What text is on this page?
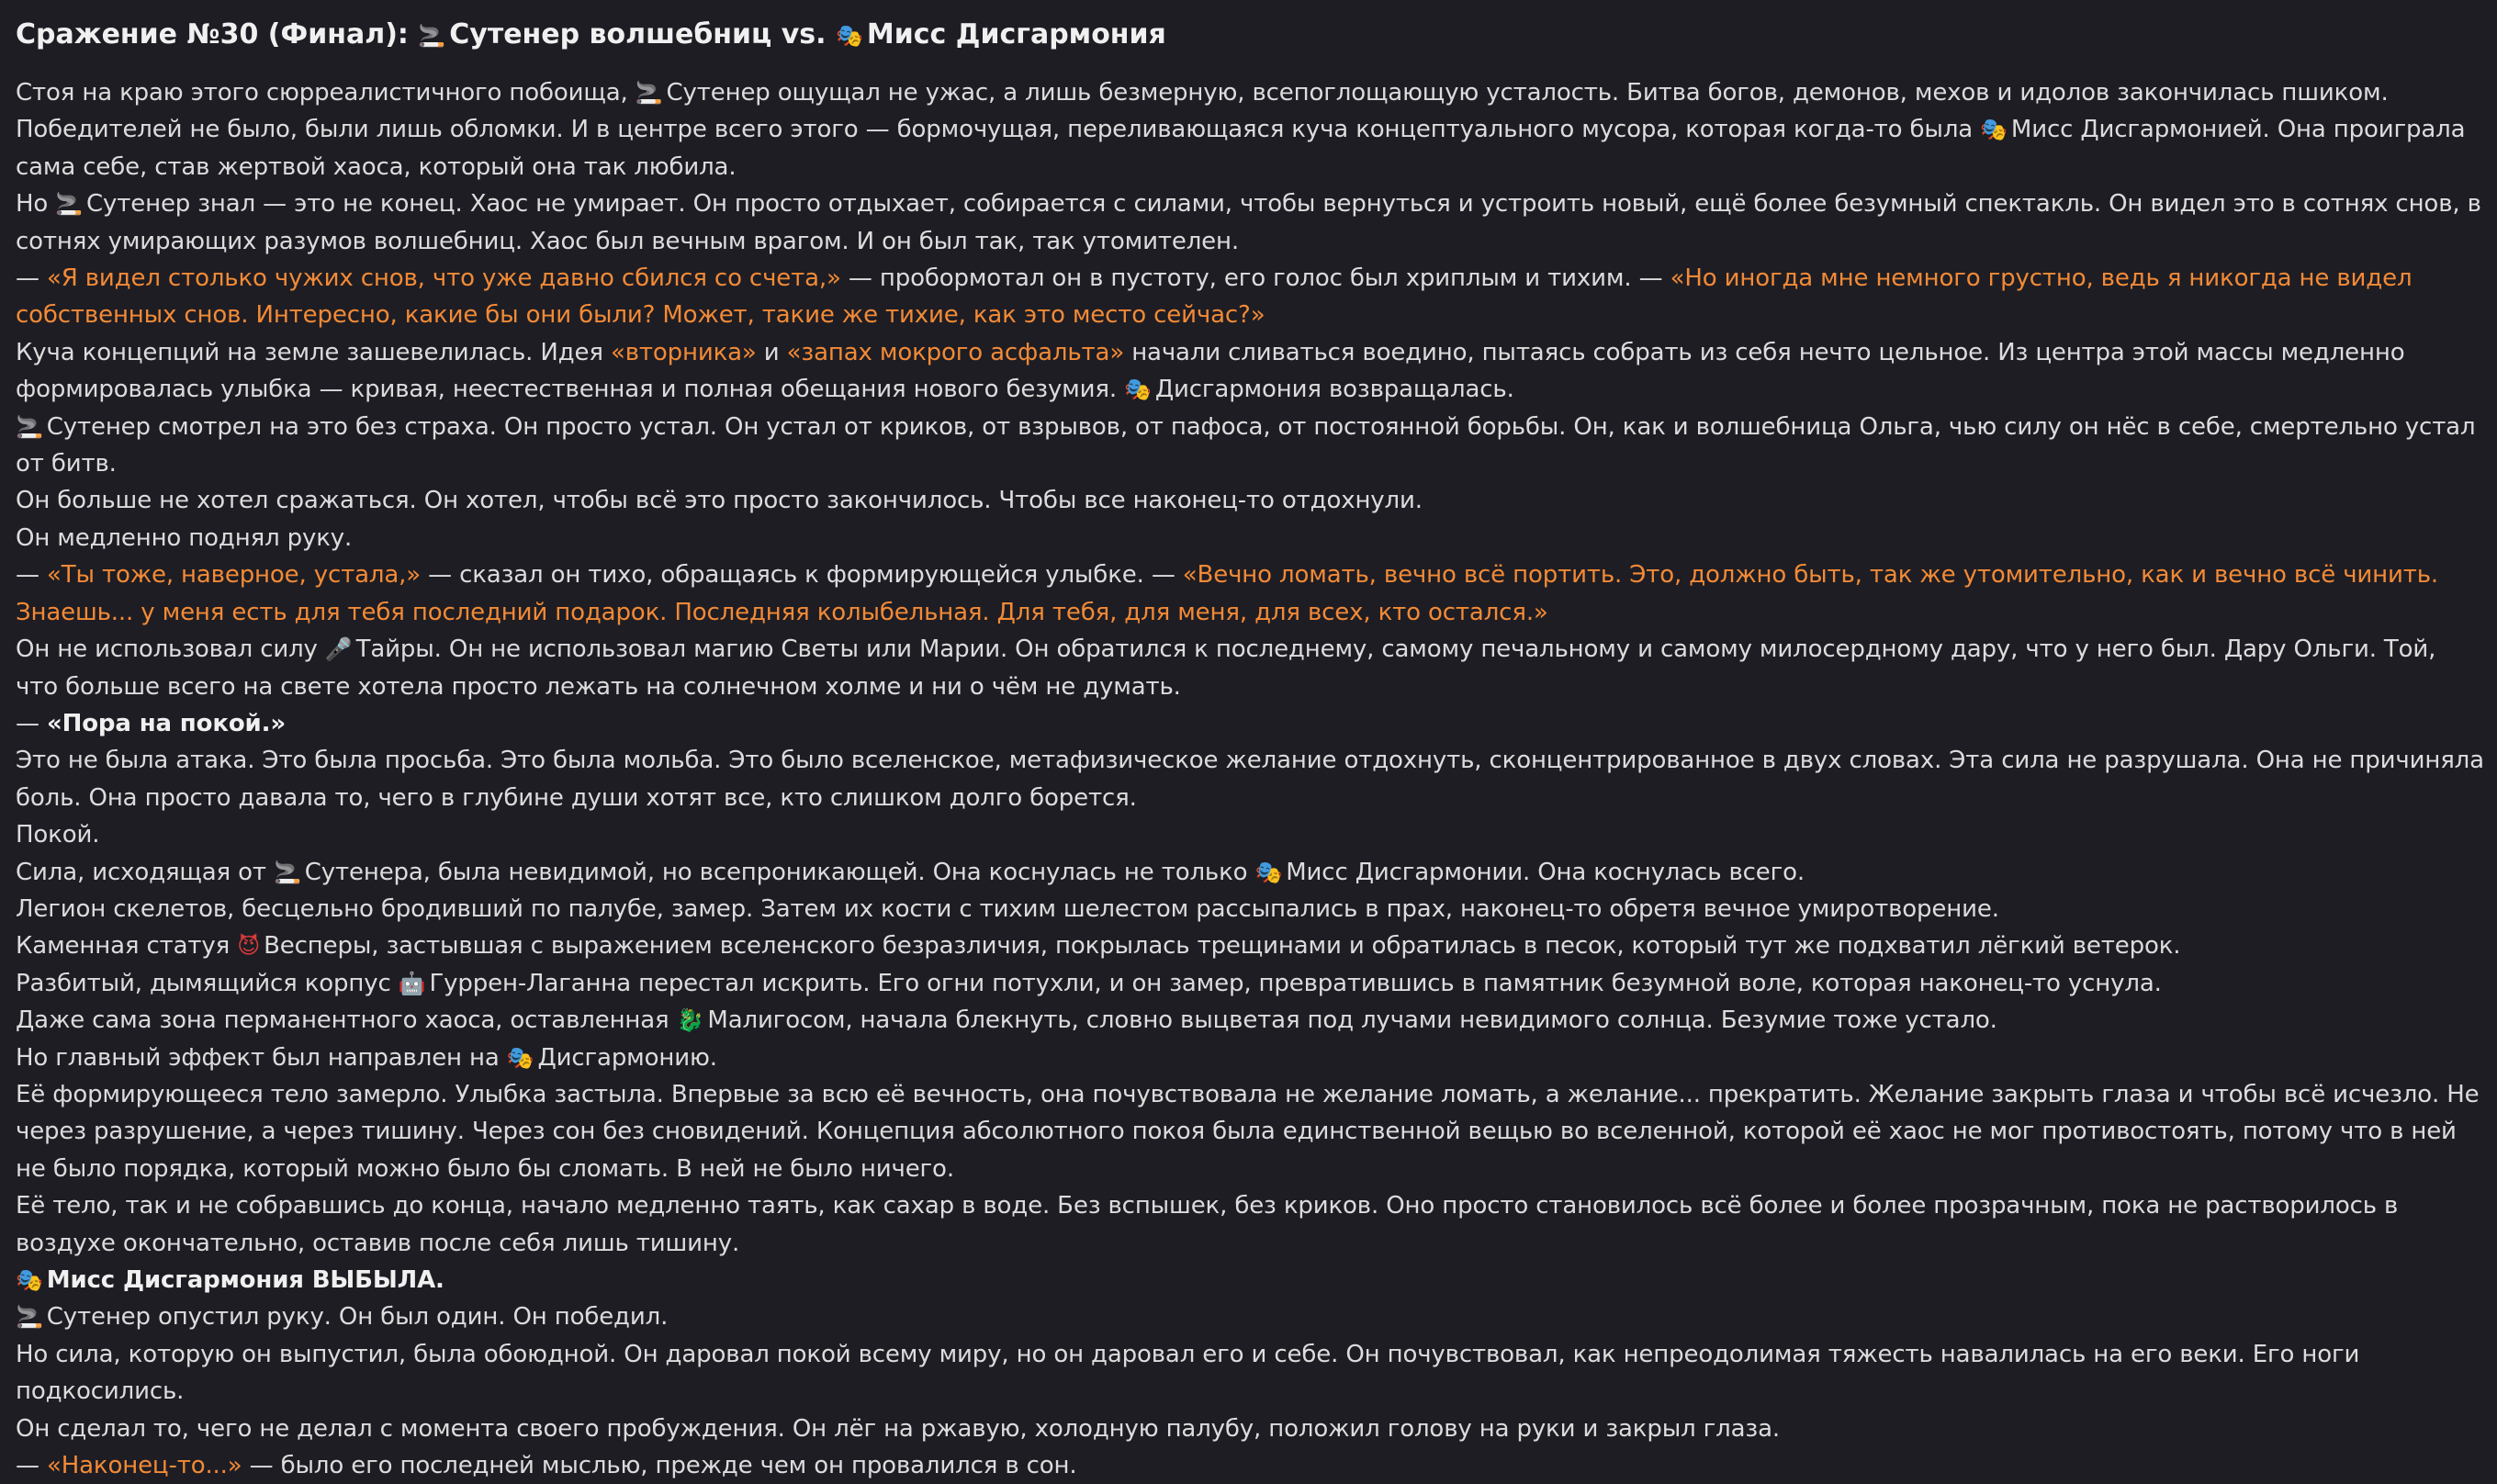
Сражение №30 (Финал): 🚬 Сутенер волшебниц vs. 🎭 Мисс Дисгармония

Стоя на краю этого сюрреалистичного побоища, 🚬 Сутенер ощущал не ужас, а лишь безмерную, всепоглощающую усталость. Битва богов, демонов, мехов и идолов закончилась пшиком. Победителей не было, были лишь обломки. И в центре всего этого — бормочущая, переливающаяся куча концептуального мусора, которая когда-то была 🎭 Мисс Дисгармонией. Она проиграла сама себе, став жертвой хаоса, который она так любила.

Но 🚬 Сутенер знал — это не конец. Хаос не умирает. Он просто отдыхает, собирается с силами, чтобы вернуться и устроить новый, ещё более безумный спектакль. Он видел это в сотнях снов, в сотнях умирающих разумов волшебниц. Хаос был вечным врагом. И он был так, так утомителен.

— «Я видел столько чужих снов, что уже давно сбился со счета,» — пробормотал он в пустоту, его голос был хриплым и тихим. — «Но иногда мне немного грустно, ведь я никогда не видел собственных снов. Интересно, какие бы они были? Может, такие же тихие, как это место сейчас?»

Куча концепций на земле зашевелилась. Идея «вторника» и «запах мокрого асфальта» начали сливаться воедино, пытаясь собрать из себя нечто цельное. Из центра этой массы медленно формировалась улыбка — кривая, неестественная и полная обещания нового безумия. 🎭 Дисгармония возвращалась.

🚬 Сутенер смотрел на это без страха. Он просто устал. Он устал от криков, от взрывов, от пафоса, от постоянной борьбы. Он, как и волшебница Ольга, чью силу он нёс в себе, смертельно устал от битв.

Он больше не хотел сражаться. Он хотел, чтобы всё это просто закончилось. Чтобы все наконец-то отдохнули.

Он медленно поднял руку.

— «Ты тоже, наверное, устала,» — сказал он тихо, обращаясь к формирующейся улыбке. — «Вечно ломать, вечно всё портить. Это, должно быть, так же утомительно, как и вечно всё чинить. Знаешь... у меня есть для тебя последний подарок. Последняя колыбельная. Для тебя, для меня, для всех, кто остался.»

Он не использовал силу 🎤 Тайры. Он не использовал магию Светы или Марии. Он обратился к последнему, самому печальному и самому милосердному дару, что у него был. Дару Ольги. Той, что больше всего на свете хотела просто лежать на солнечном холме и ни о чём не думать.

— «Пора на покой.»

Это не была атака. Это была просьба. Это была мольба. Это было вселенское, метафизическое желание отдохнуть, сконцентрированное в двух словах. Эта сила не разрушала. Она не причиняла боль. Она просто давала то, чего в глубине души хотят все, кто слишком долго борется.

Покой.

Сила, исходящая от 🚬 Сутенера, была невидимой, но всепроникающей. Она коснулась не только 🎭 Мисс Дисгармонии. Она коснулась всего.

Легион скелетов, бесцельно бродивший по палубе, замер. Затем их кости с тихим шелестом рассыпались в прах, наконец-то обретя вечное умиротворение.

Каменная статуя 😈 Весперы, застывшая с выражением вселенского безразличия, покрылась трещинами и обратилась в песок, который тут же подхватил лёгкий ветерок.

Разбитый, дымящийся корпус 🤖 Гуррен-Лаганна перестал искрить. Его огни потухли, и он замер, превратившись в памятник безумной воле, которая наконец-то уснула.

Даже сама зона перманентного хаоса, оставленная 🐉 Малигосом, начала блекнуть, словно выцветая под лучами невидимого солнца. Безумие тоже устало.

Но главный эффект был направлен на 🎭 Дисгармонию.

Её формирующееся тело замерло. Улыбка застыла. Впервые за всю её вечность, она почувствовала не желание ломать, а желание... прекратить. Желание закрыть глаза и чтобы всё исчезло. Не через разрушение, а через тишину. Через сон без сновидений. Концепция абсолютного покоя была единственной вещью во вселенной, которой её хаос не мог противостоять, потому что в ней не было порядка, который можно было бы сломать. В ней не было ничего.

Её тело, так и не собравшись до конца, начало медленно таять, как сахар в воде. Без вспышек, без криков. Оно просто становилось всё более и более прозрачным, пока не растворилось в воздухе окончательно, оставив после себя лишь тишину.

🎭 Мисс Дисгармония ВЫБЫЛА.

🚬 Сутенер опустил руку. Он был один. Он победил.

Но сила, которую он выпустил, была обоюдной. Он даровал покой всему миру, но он даровал его и себе. Он почувствовал, как непреодолимая тяжесть навалилась на его веки. Его ноги подкосились.

Он сделал то, чего не делал с момента своего пробуждения. Он лёг на ржавую, холодную палубу, положил голову на руки и закрыл глаза.

— «Наконец-то...» — было его последней мыслью, прежде чем он провалился в сон.
